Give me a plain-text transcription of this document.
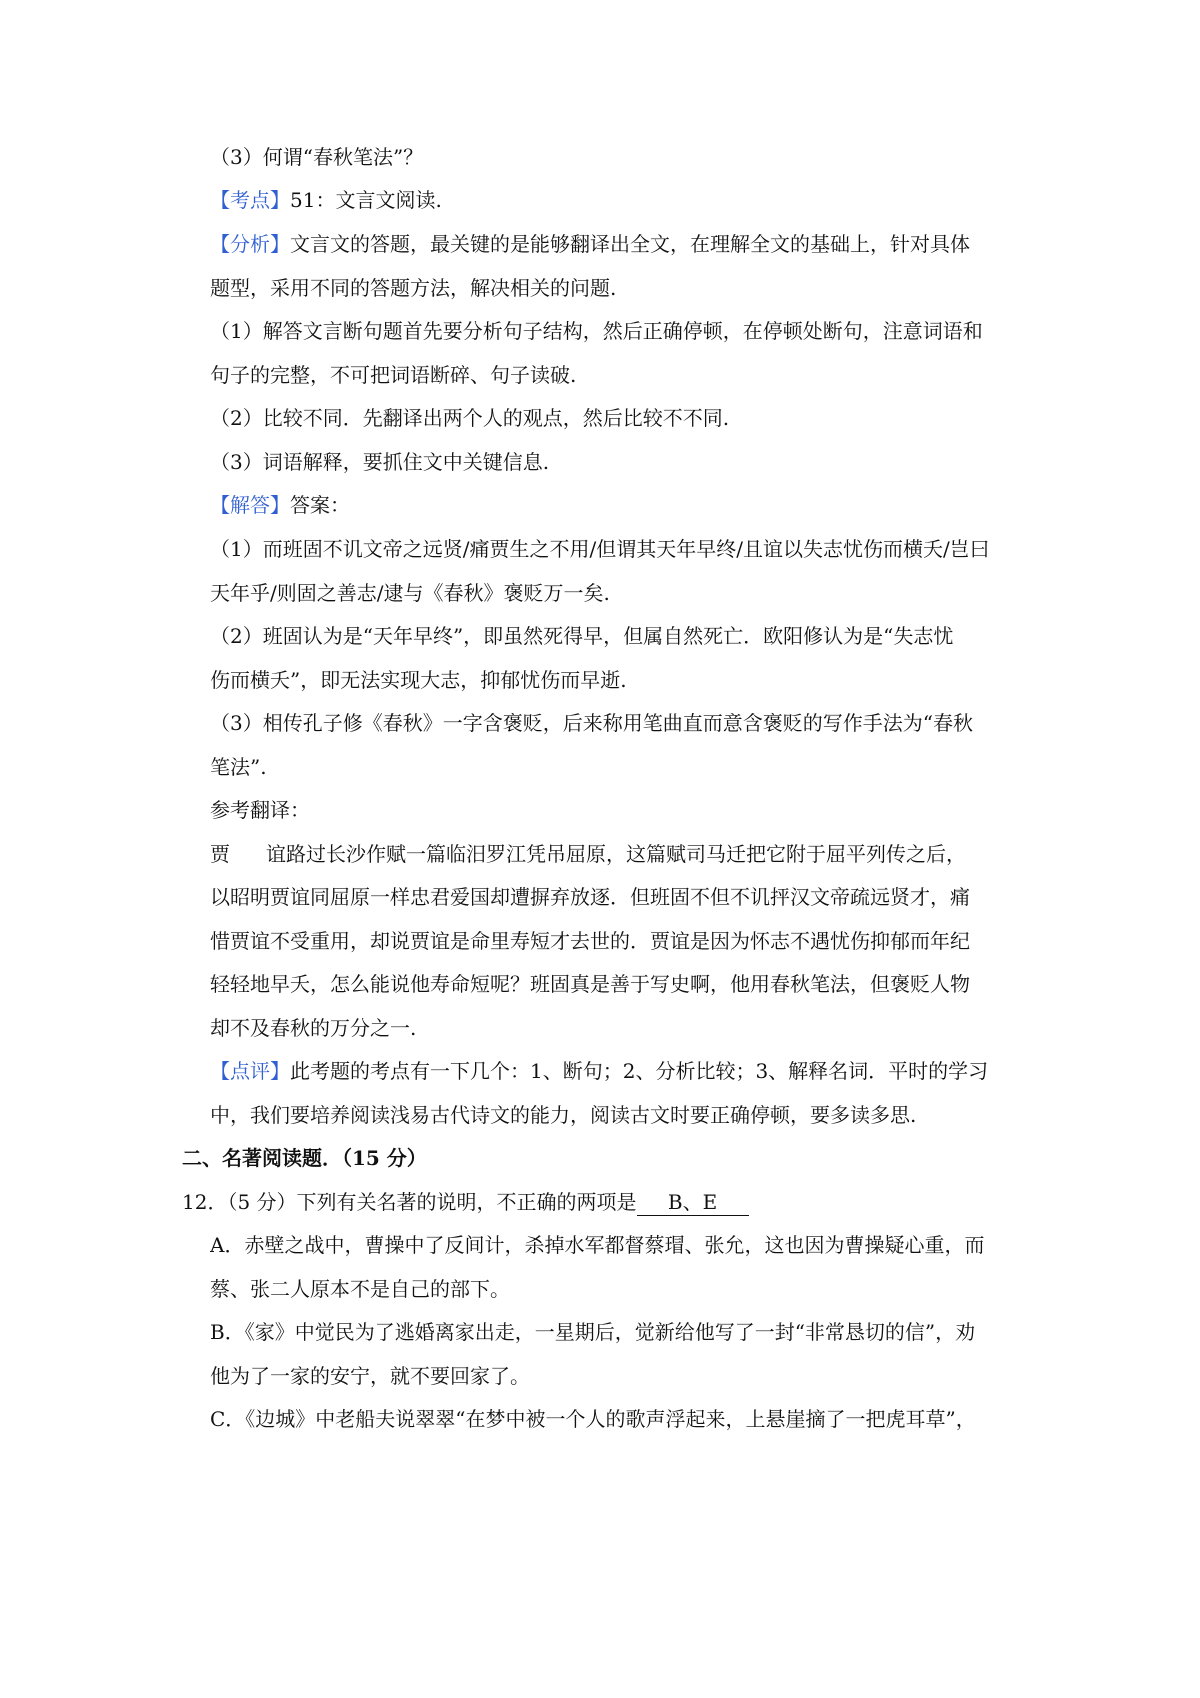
（3）何谓“春秋笔法”？
【考点】51：文言文阅读.
【分析】文言文的答题，最关键的是能够翻译出全文，在理解全文的基础上，针对具体
题型，采用不同的答题方法，解决相关的问题.
（1）解答文言断句题首先要分析句子结构，然后正确停顿，在停顿处断句，注意词语和
句子的完整，不可把词语断碎、句子读破.
（2）比较不同．先翻译出两个人的观点，然后比较不不同.
（3）词语解释，要抓住文中关键信息.
【解答】答案：
（1）而班固不讥文帝之远贤/痛贾生之不用/但谓其天年早终/且谊以失志忧伤而横夭/岂曰
天年乎/则固之善志/逮与《春秋》褒贬万一矣.
（2）班固认为是“天年早终”，即虽然死得早，但属自然死亡．欧阳修认为是“失志忧
伤而横夭”，即无法实现大志，抑郁忧伤而早逝.
（3）相传孔子修《春秋》一字含褒贬，后来称用笔曲直而意含褒贬的写作手法为“春秋
笔法”.
参考翻译：
贾 谊路过长沙作赋一篇临汨罗江凭吊屈原，这篇赋司马迁把它附于屈平列传之后，
以昭明贾谊同屈原一样忠君爱国却遭摒弃放逐．但班固不但不讥抨汉文帝疏远贤才，痛
惜贾谊不受重用，却说贾谊是命里寿短才去世的．贾谊是因为怀志不遇忧伤抑郁而年纪
轻轻地早夭，怎么能说他寿命短呢？班固真是善于写史啊，他用春秋笔法，但褒贬人物
却不及春秋的万分之一.
【点评】此考题的考点有一下几个：1、断句；2、分析比较；3、解释名词．平时的学习
中，我们要培养阅读浅易古代诗文的能力，阅读古文时要正确停顿，要多读多思.
二、名著阅读题．（15 分）
12．（5 分）下列有关名著的说明，不正确的两项是 B、E
A．赤壁之战中，曹操中了反间计，杀掉水军都督蔡瑁、张允，这也因为曹操疑心重，而
蔡、张二人原本不是自己的部下。
B．《家》中觉民为了逃婚离家出走，一星期后，觉新给他写了一封“非常恳切的信”，劝
他为了一家的安宁，就不要回家了。
C．《边城》中老船夫说翠翠“在梦中被一个人的歌声浮起来，上悬崖摘了一把虎耳草”，
